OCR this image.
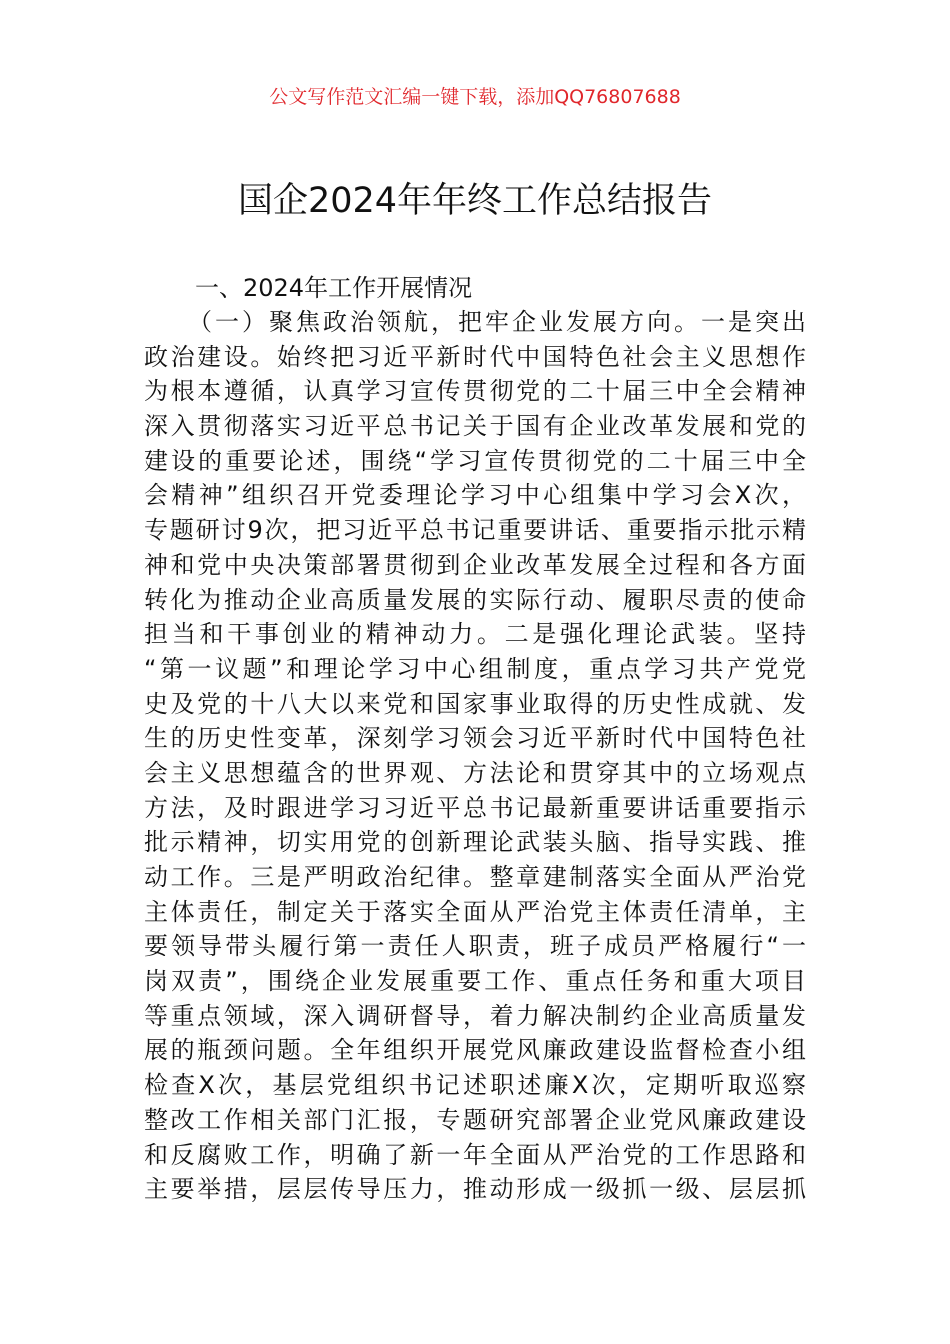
公文写作范文汇编一键下载，添加QQ76807688
国企2024年年终工作总结报告
一、2024年工作开展情况
（一）聚焦政治领航，把牢企业发展方向。一是突出
政治建设。始终把习近平新时代中国特色社会主义思想作
为根本遵循，认真学习宣传贯彻党的二十届三中全会精神
深入贯彻落实习近平总书记关于国有企业改革发展和党的
建设的重要论述，围绕“学习宣传贯彻党的二十届三中全
会精神”组织召开党委理论学习中心组集中学习会X次，
专题研讨9次，把习近平总书记重要讲话、重要指示批示精
神和党中央决策部署贯彻到企业改革发展全过程和各方面
转化为推动企业高质量发展的实际行动、履职尽责的使命
担当和干事创业的精神动力。二是强化理论武装。坚持
“第一议题”和理论学习中心组制度，重点学习共产党党
史及党的十八大以来党和国家事业取得的历史性成就、发
生的历史性变革，深刻学习领会习近平新时代中国特色社
会主义思想蕴含的世界观、方法论和贯穿其中的立场观点
方法，及时跟进学习习近平总书记最新重要讲话重要指示
批示精神，切实用党的创新理论武装头脑、指导实践、推
动工作。三是严明政治纪律。整章建制落实全面从严治党
主体责任，制定关于落实全面从严治党主体责任清单，主
要领导带头履行第一责任人职责，班子成员严格履行“一
岗双责”，围绕企业发展重要工作、重点任务和重大项目
等重点领域，深入调研督导，着力解决制约企业高质量发
展的瓶颈问题。全年组织开展党风廉政建设监督检查小组
检查X次，基层党组织书记述职述廉X次，定期听取巡察
整改工作相关部门汇报，专题研究部署企业党风廉政建设
和反腐败工作，明确了新一年全面从严治党的工作思路和
主要举措，层层传导压力，推动形成一级抓一级、层层抓
